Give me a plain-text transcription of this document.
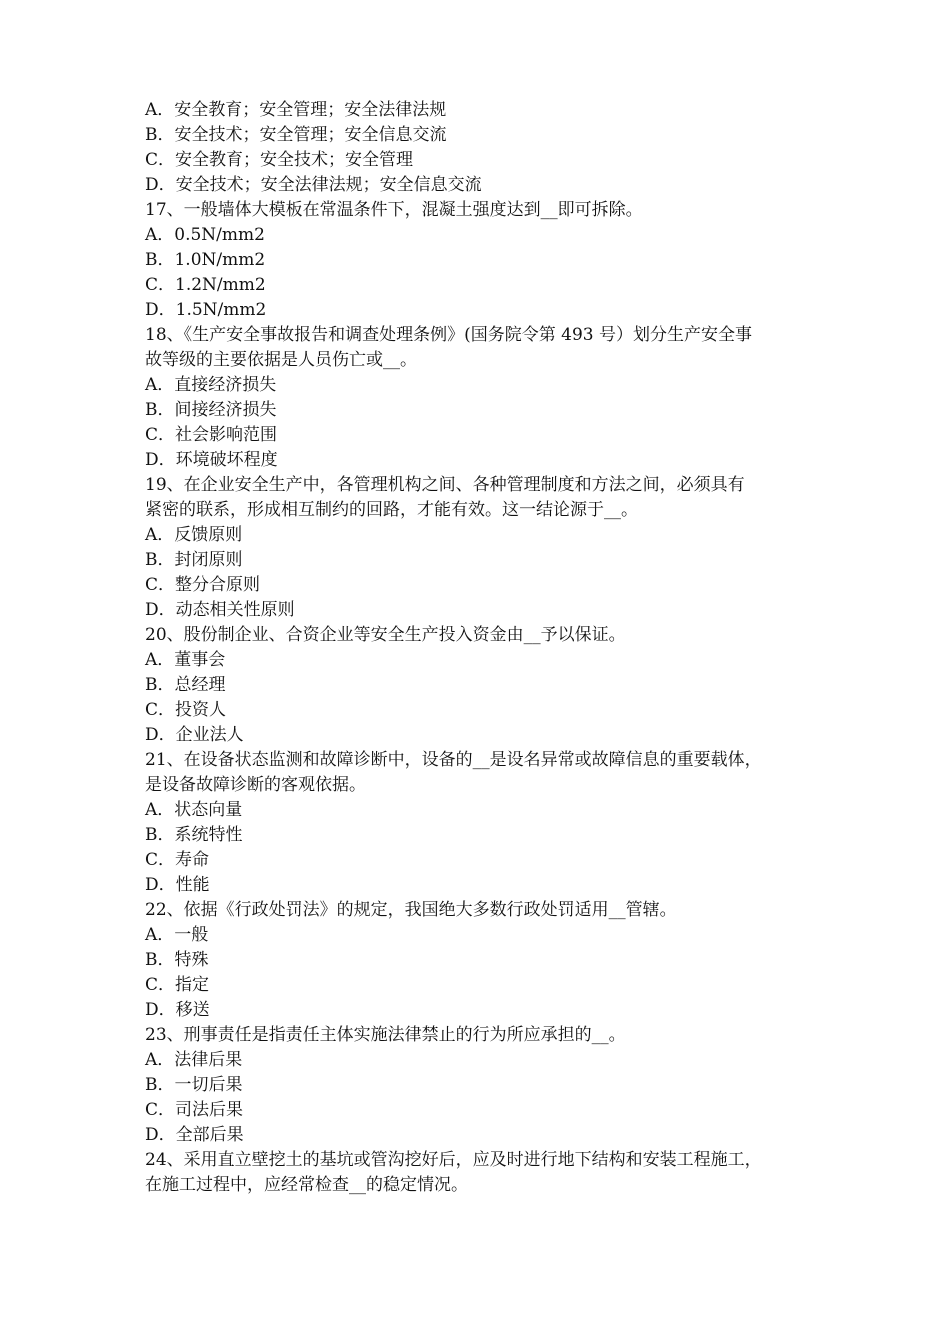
A．安全教育；安全管理；安全法律法规
B．安全技术；安全管理；安全信息交流
C．安全教育；安全技术；安全管理
D．安全技术；安全法律法规；安全信息交流
17、一般墙体大模板在常温条件下，混凝土强度达到__即可拆除。
A．0.5N/mm2
B．1.0N/mm2
C．1.2N/mm2
D．1.5N/mm2
18、《生产安全事故报告和调查处理条例》(国务院令第 493 号）划分生产安全事
故等级的主要依据是人员伤亡或__。
A．直接经济损失
B．间接经济损失
C．社会影响范围
D．环境破坏程度
19、在企业安全生产中，各管理机构之间、各种管理制度和方法之间，必须具有
紧密的联系，形成相互制约的回路，才能有效。这一结论源于__。
A．反馈原则
B．封闭原则
C．整分合原则
D．动态相关性原则
20、股份制企业、合资企业等安全生产投入资金由__予以保证。
A．董事会
B．总经理
C．投资人
D．企业法人
21、在设备状态监测和故障诊断中，设备的__是设名异常或故障信息的重要载体，
是设备故障诊断的客观依据。
A．状态向量
B．系统特性
C．寿命
D．性能
22、依据《行政处罚法》的规定，我国绝大多数行政处罚适用__管辖。
A．一般
B．特殊
C．指定
D．移送
23、刑事责任是指责任主体实施法律禁止的行为所应承担的__。
A．法律后果
B．一切后果
C．司法后果
D．全部后果
24、采用直立壁挖土的基坑或管沟挖好后，应及时进行地下结构和安装工程施工，
在施工过程中，应经常检查__的稳定情况。
